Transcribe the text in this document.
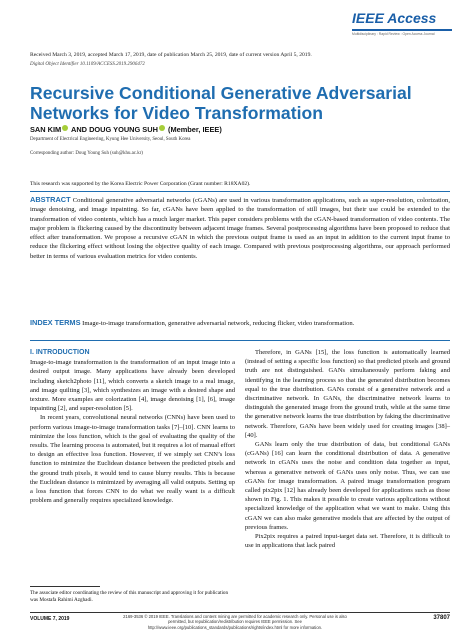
IEEE Access
Multidisciplinary : Rapid Review : Open Access Journal
Received March 3, 2019, accepted March 17, 2019, date of publication March 25, 2019, date of current version April 5, 2019.
Digital Object Identifier 10.1109/ACCESS.2019.2906472
Recursive Conditional Generative Adversarial Networks for Video Transformation
SAN KIM AND DOUG YOUNG SUH (Member, IEEE)
Department of Electrical Engineering, Kyung Hee University, Seoul, South Korea
Corresponding author: Doug Young Suh (suh@khu.ac.kr)
This research was supported by the Korea Electric Power Corporation (Grant number: R18XA02).
ABSTRACT Conditional generative adversarial networks (cGANs) are used in various transformation applications, such as super-resolution, colorization, image denoising, and image inpainting. So far, cGANs have been applied to the transformation of still images, but their use could be extended to the transformation of video contents, which has a much larger market. This paper considers problems with the cGAN-based transformation of video contents. The major problem is flickering caused by the discontinuity between adjacent image frames. Several postprocessing algorithms have been proposed to reduce that effect after transformation. We propose a recursive cGAN in which the previous output frame is used as an input in addition to the current input frame to reduce the flickering effect without losing the objective quality of each image. Compared with previous postprocessing algorithms, our approach performed better in terms of various evaluation metrics for video contents.
INDEX TERMS Image-to-image transformation, generative adversarial network, reducing flicker, video transformation.

I. INTRODUCTION

Image-to-image transformation is the transformation of an input image into a desired output image. Many applications have already been developed including sketch2photo [11], which converts a sketch image to a real image, and image quilting [3], which synthesizes an image with a desired shape and texture. More examples are colorization [4], image denoising [1], [6], image inpainting [2], and super-resolution [5].

In recent years, convolutional neural networks (CNNs) have been used to perform various image-to-image transformation tasks [7]–[10]. CNN learns to minimize the loss function, which is the goal of evaluating the quality of the results. The learning process is automated, but it requires a lot of manual effort to design an effective loss function. However, if we simply set CNN’s loss function to minimize the Euclidean distance between the predicted pixels and the ground truth pixels, it would tend to cause blurry results. This is because the Euclidean distance is minimized by averaging all valid outputs. Setting up a loss function that forces CNN to do what we really want is a difficult problem and generally requires specialized knowledge.

Therefore, in GANs [15], the loss function is automatically learned (instead of setting a specific loss function) so that predicted pixels and ground truth are not distinguished. GANs simultaneously perform faking and identifying in the learning process so that the generated distribution becomes equal to the true distribution. GANs consist of a generative network and a discriminative network. In GANs, the discriminative network learns to distinguish the generated image from the ground truth, while at the same time the generative network learns the true distribution by faking the discriminative network. Therefore, GANs have been widely used for creating images [38]–[40].

GANs learn only the true distribution of data, but conditional GANs (cGANs) [16] can learn the conditional distribution of data. A generative network in cGANs uses the noise and condition data together as input, whereas a generative network of GANs uses only noise. Thus, we can use cGANs for image transformation. A paired image transformation program called pix2pix [12] has already been developed for applications such as those shown in Fig. 1. This makes it possible to create various applications without specialized knowledge of the application what we want to make. Using this cGAN we can also make generative models that are affected by the output of previous frames.

Pix2pix requires a paired input-target data set. Therefore, it is difficult to use in applications that lack paired

The associate editor coordinating the review of this manuscript and approving it for publication was Mostafa Rahimi Azghadi.
VOLUME 7, 2019	2169-3536 © 2019 IEEE. Translations and content mining are permitted for academic research only. Personal use is also permitted, but republication/redistribution requires IEEE permission. See http://www.ieee.org/publications_standards/publications/rights/index.html for more information.
37807
